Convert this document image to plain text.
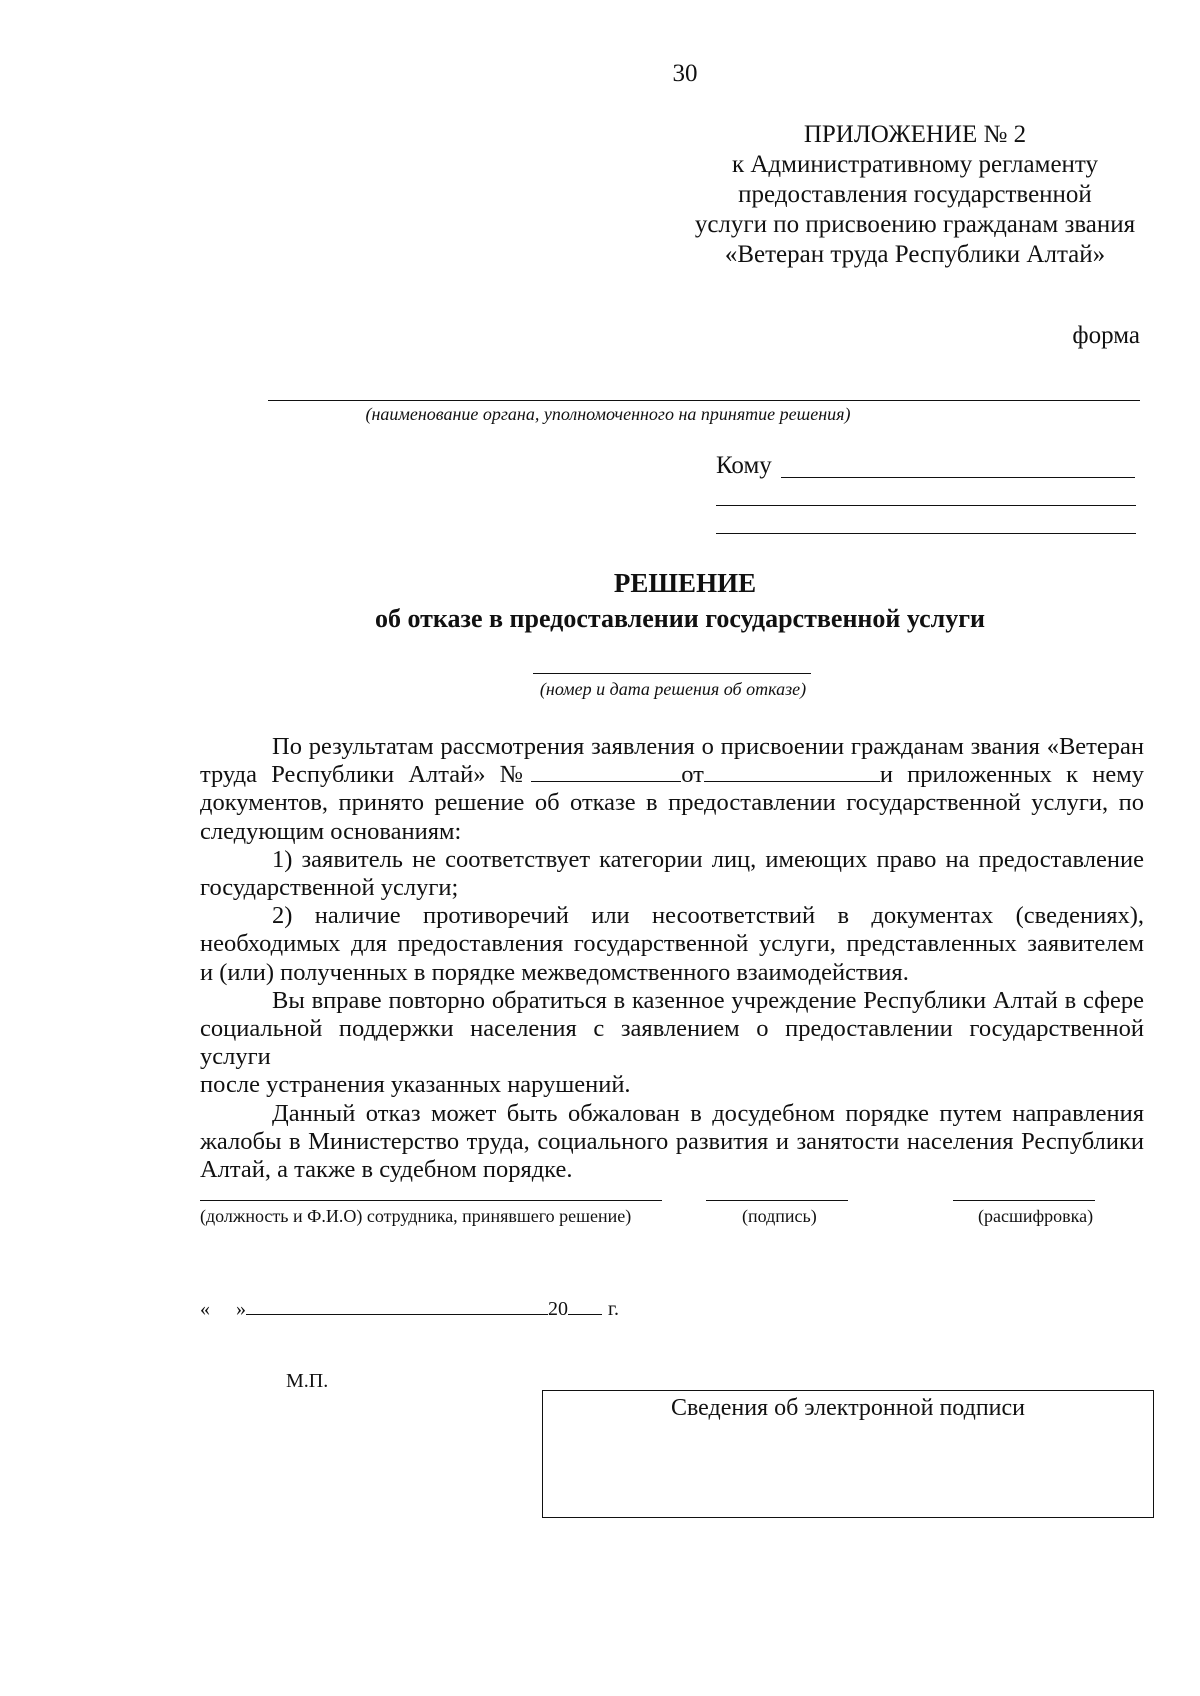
30
ПРИЛОЖЕНИЕ № 2
к Административному регламенту
предоставления государственной
услуги по присвоению гражданам звания
«Ветеран труда Республики Алтай»
форма
(наименование органа, уполномоченного на принятие решения)
Кому
РЕШЕНИЕ
об отказе в предоставлении государственной услуги
(номер и дата решения об отказе)
По результатам рассмотрения заявления о присвоении гражданам звания «Ветеран
труда Республики Алтай» №	от	и приложенных к нему
документов, принято решение об отказе в предоставлении государственной услуги, по
следующим основаниям:
1) заявитель не соответствует категории лиц, имеющих право на предоставление
государственной услуги;
2) наличие противоречий или несоответствий в документах (сведениях),
необходимых для предоставления государственной услуги, представленных заявителем
и (или) полученных в порядке межведомственного взаимодействия.
Вы вправе повторно обратиться в казенное учреждение Республики Алтай в сфере
социальной поддержки населения с заявлением о предоставлении государственной услуги
после устранения указанных нарушений.
Данный отказ может быть обжалован в досудебном порядке путем направления
жалобы в Министерство труда, социального развития и занятости населения Республики
Алтай, а также в судебном порядке.
(должность и Ф.И.О) сотрудника, принявшего решение)	(подпись)	(расшифровка)
« »	20 г.
М.П.
Сведения об электронной подписи
